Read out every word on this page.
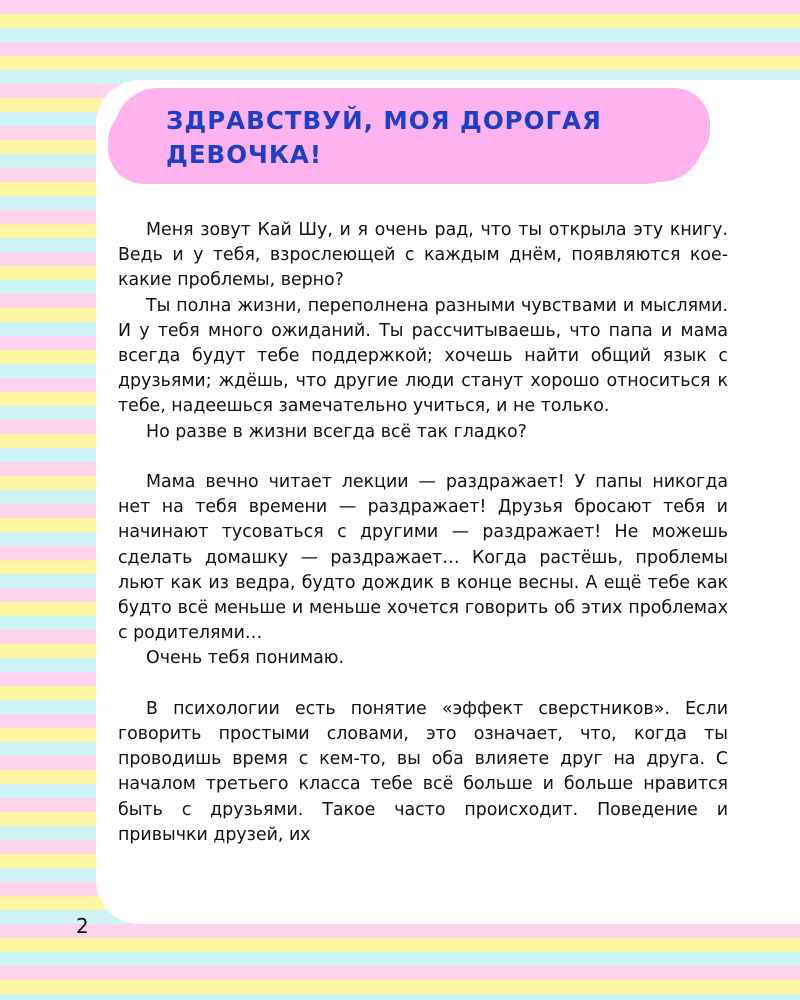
ЗДРАВСТВУЙ, МОЯ ДОРОГАЯ ДЕВОЧКА!

Меня зовут Кай Шу, и я очень рад, что ты открыла эту книгу. Ведь и у тебя, взрослеющей с каждым днём, появляются кое-какие проблемы, верно?

Ты полна жизни, переполнена разными чувствами и мыслями. И у тебя много ожиданий. Ты рассчитываешь, что папа и мама всегда будут тебе поддержкой; хочешь найти общий язык с друзьями; ждёшь, что другие люди станут хорошо относиться к тебе, надеешься замечательно учиться, и не только.

Но разве в жизни всегда всё так гладко?

Мама вечно читает лекции — раздражает! У папы никогда нет на тебя времени — раздражает! Друзья бросают тебя и начинают тусоваться с другими — раздражает! Не можешь сделать домашку — раздражает… Когда растёшь, проблемы льют как из ведра, будто дождик в конце весны. А ещё тебе как будто всё меньше и меньше хочется говорить об этих проблемах с родителями…

Очень тебя понимаю.

В психологии есть понятие «эффект сверстников». Если говорить простыми словами, это означает, что, когда ты проводишь время с кем-то, вы оба влияете друг на друга. С началом третьего класса тебе всё больше и больше нравится быть с друзьями. Такое часто происходит. Поведение и привычки друзей, их

2
